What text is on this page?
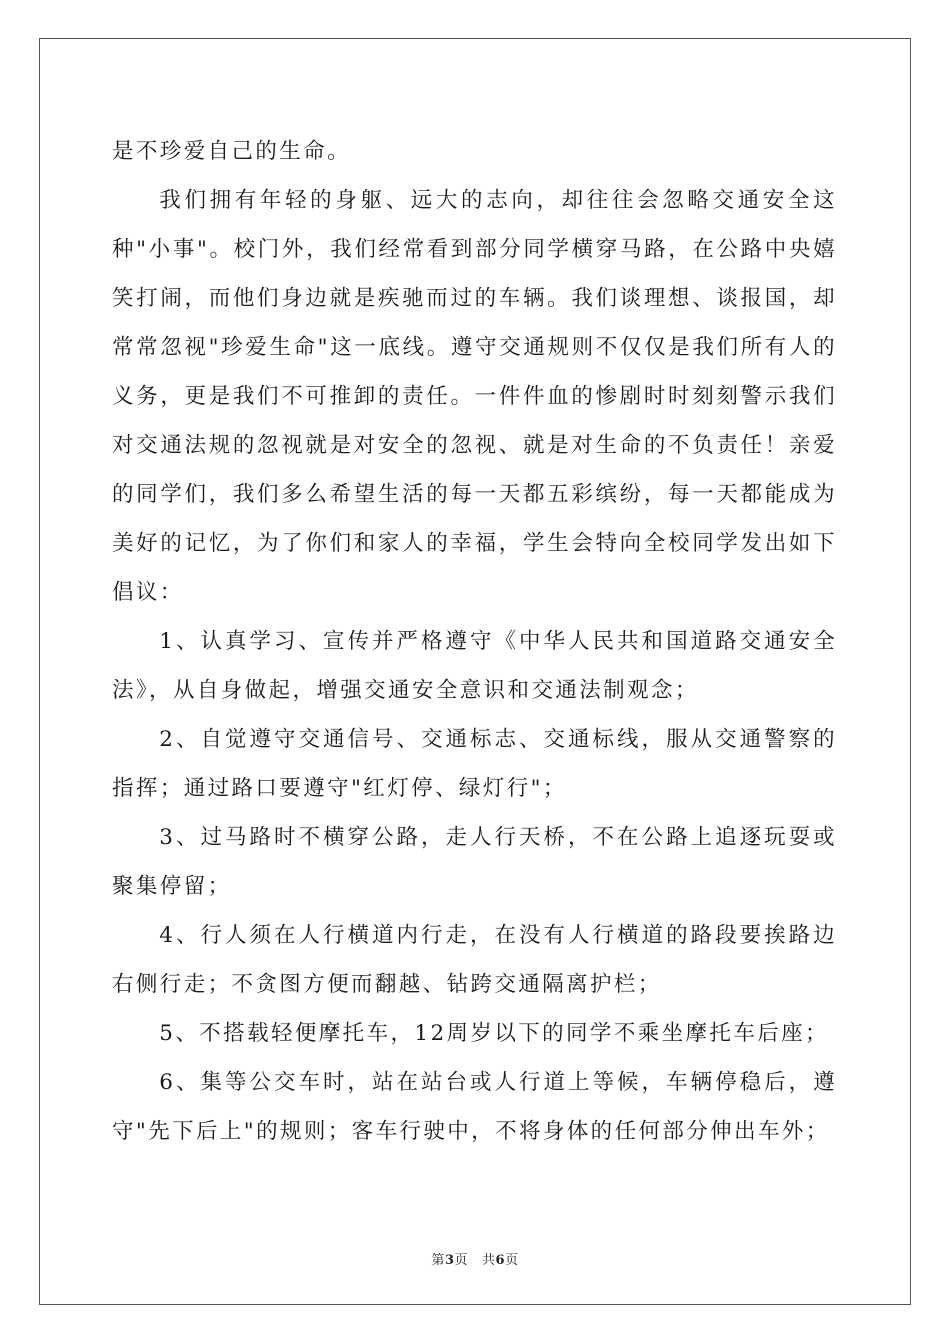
是不珍爱自己的生命。

我们拥有年轻的身躯、远大的志向，却往往会忽略交通安全这种"小事"。校门外，我们经常看到部分同学横穿马路，在公路中央嬉笑打闹，而他们身边就是疾驰而过的车辆。我们谈理想、谈报国，却常常忽视"珍爱生命"这一底线。遵守交通规则不仅仅是我们所有人的义务，更是我们不可推卸的责任。一件件血的惨剧时时刻刻警示我们对交通法规的忽视就是对安全的忽视、就是对生命的不负责任！亲爱的同学们，我们多么希望生活的每一天都五彩缤纷，每一天都能成为美好的记忆，为了你们和家人的幸福，学生会特向全校同学发出如下倡议：

1、认真学习、宣传并严格遵守《中华人民共和国道路交通安全法》，从自身做起，增强交通安全意识和交通法制观念；

2、自觉遵守交通信号、交通标志、交通标线，服从交通警察的指挥；通过路口要遵守"红灯停、绿灯行"；

3、过马路时不横穿公路，走人行天桥，不在公路上追逐玩耍或聚集停留；

4、行人须在人行横道内行走，在没有人行横道的路段要挨路边右侧行走；不贪图方便而翻越、钻跨交通隔离护栏；

5、不搭载轻便摩托车，12周岁以下的同学不乘坐摩托车后座；

6、集等公交车时，站在站台或人行道上等候，车辆停稳后，遵守"先下后上"的规则；客车行驶中，不将身体的任何部分伸出车外；

第3页 共6页
